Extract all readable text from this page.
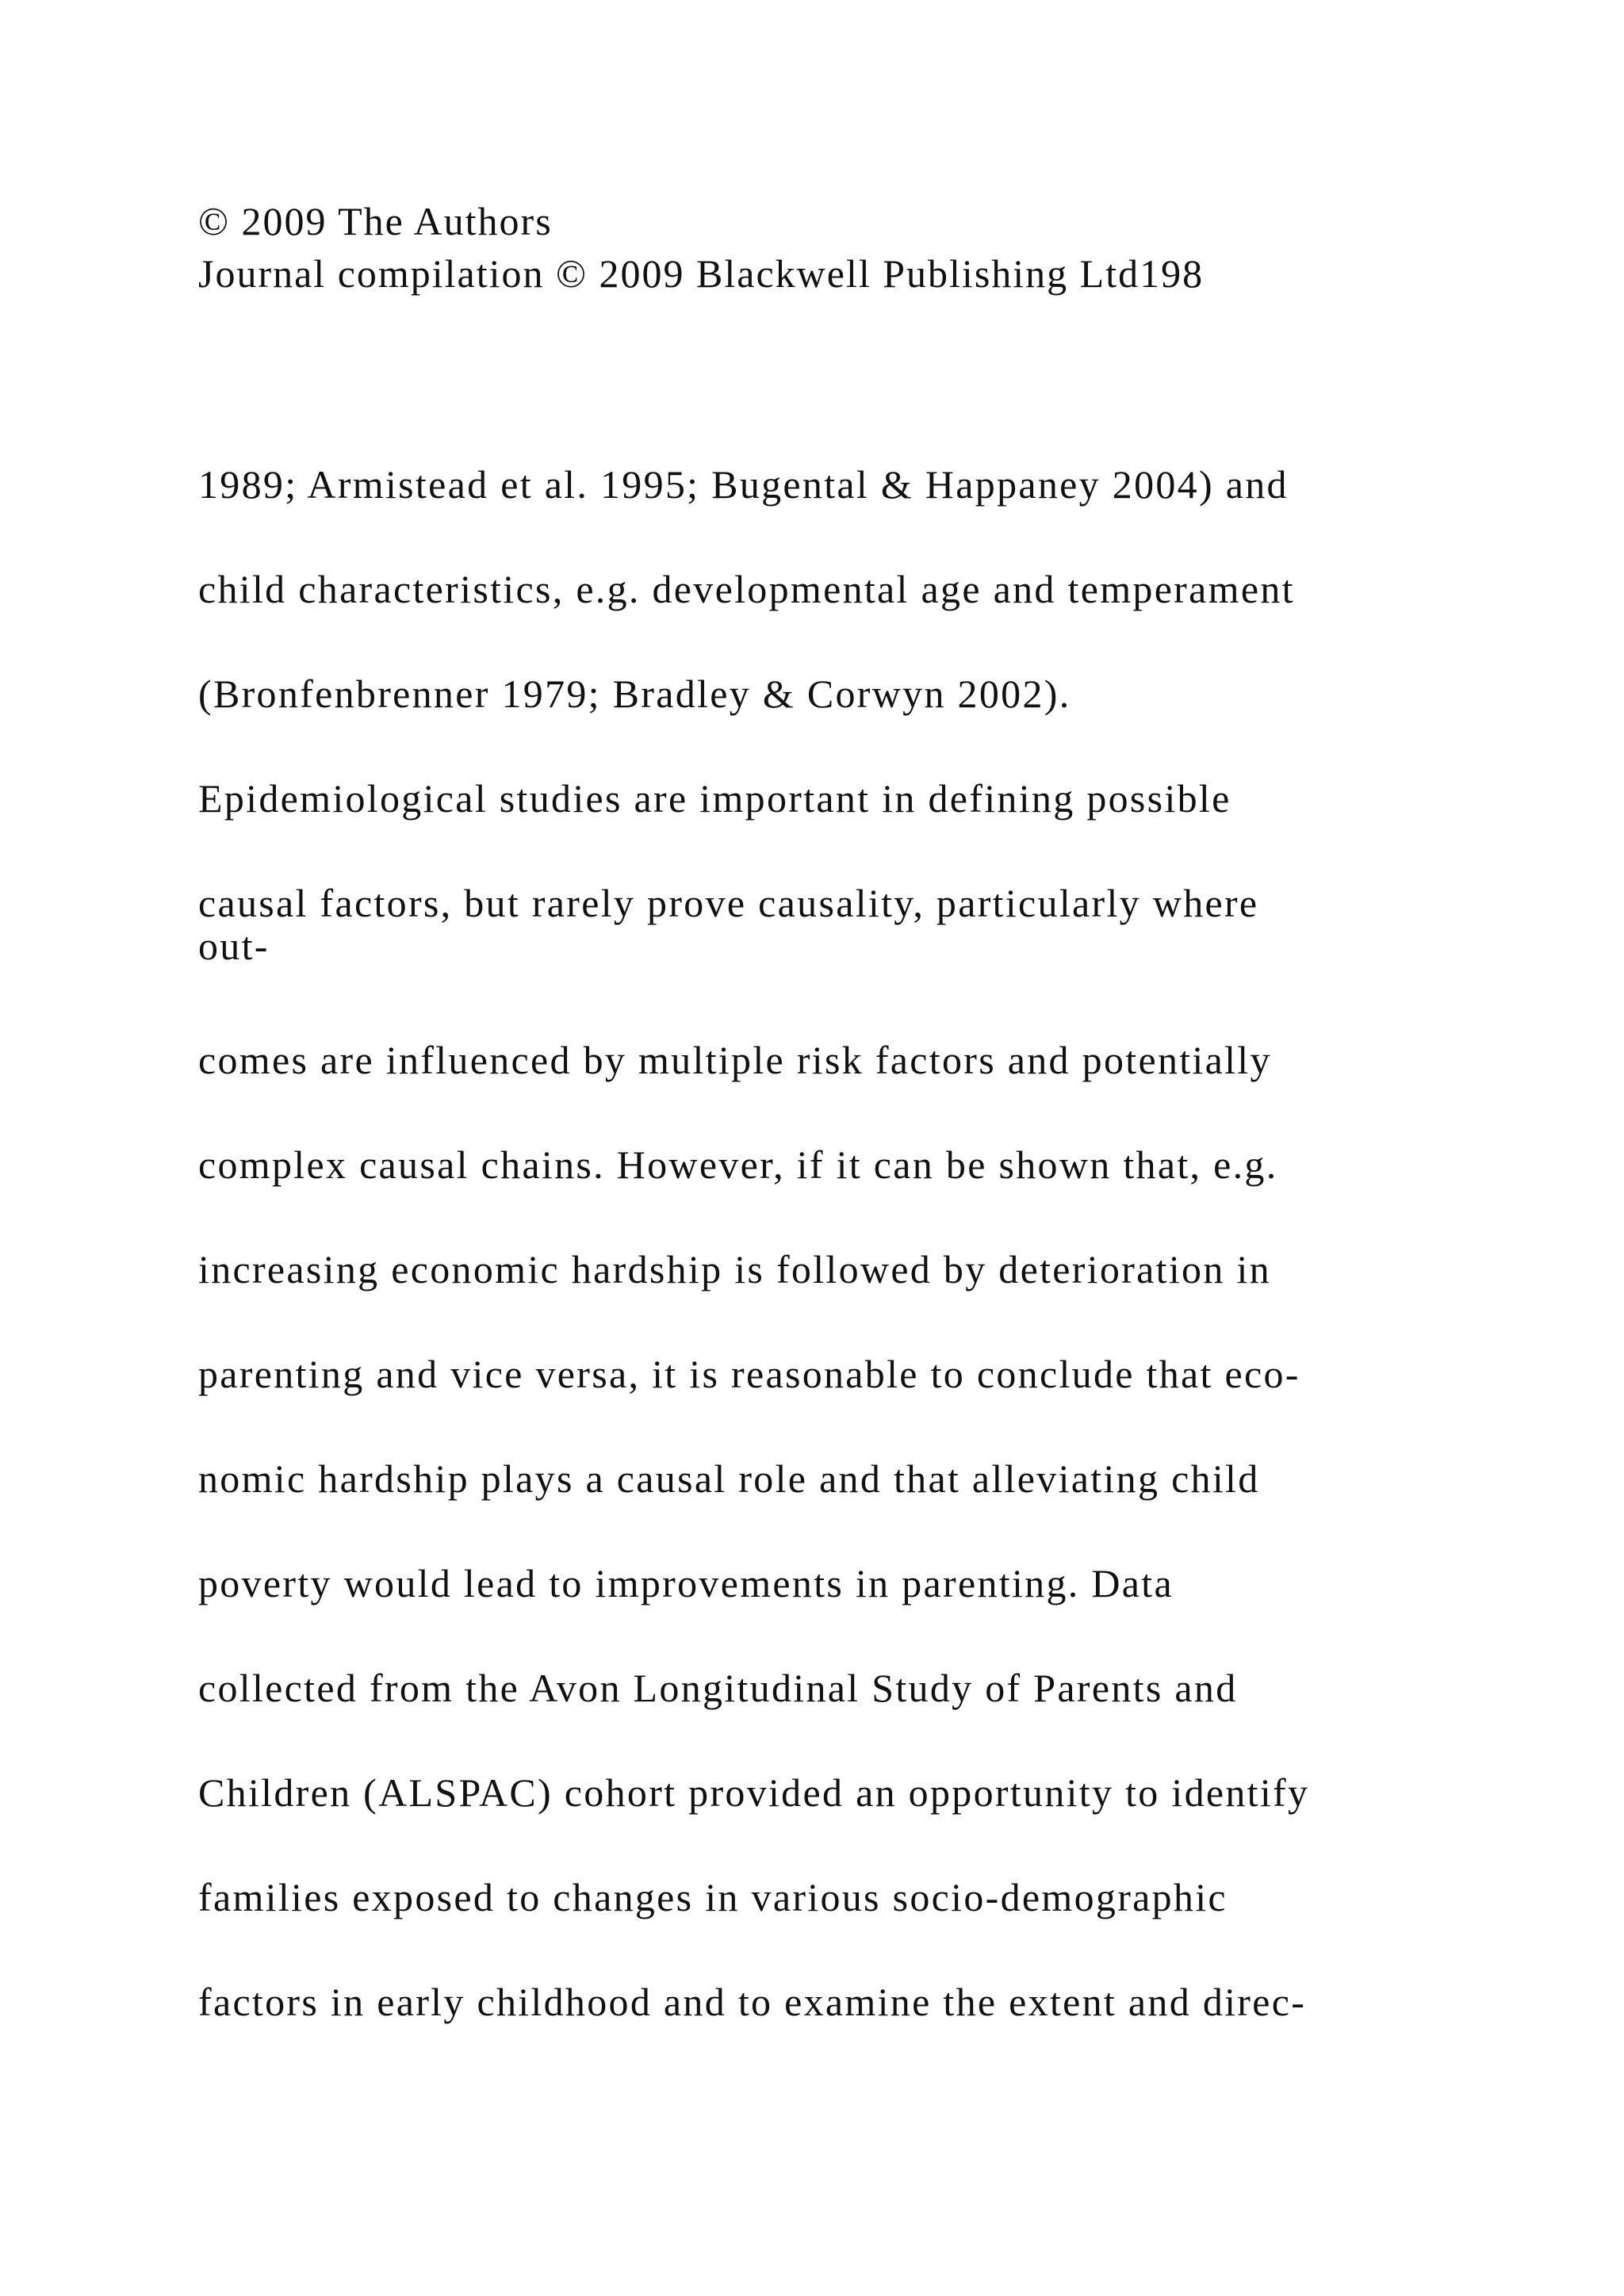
© 2009 The Authors
Journal compilation © 2009 Blackwell Publishing Ltd198
1989; Armistead et al. 1995; Bugental & Happaney 2004) and
child characteristics, e.g. developmental age and temperament
(Bronfenbrenner 1979; Bradley & Corwyn 2002).
Epidemiological studies are important in defining possible
causal factors, but rarely prove causality, particularly where
out-
comes are influenced by multiple risk factors and potentially
complex causal chains. However, if it can be shown that, e.g.
increasing economic hardship is followed by deterioration in
parenting and vice versa, it is reasonable to conclude that eco-
nomic hardship plays a causal role and that alleviating child
poverty would lead to improvements in parenting. Data
collected from the Avon Longitudinal Study of Parents and
Children (ALSPAC) cohort provided an opportunity to identify
families exposed to changes in various socio-demographic
factors in early childhood and to examine the extent and direc-
